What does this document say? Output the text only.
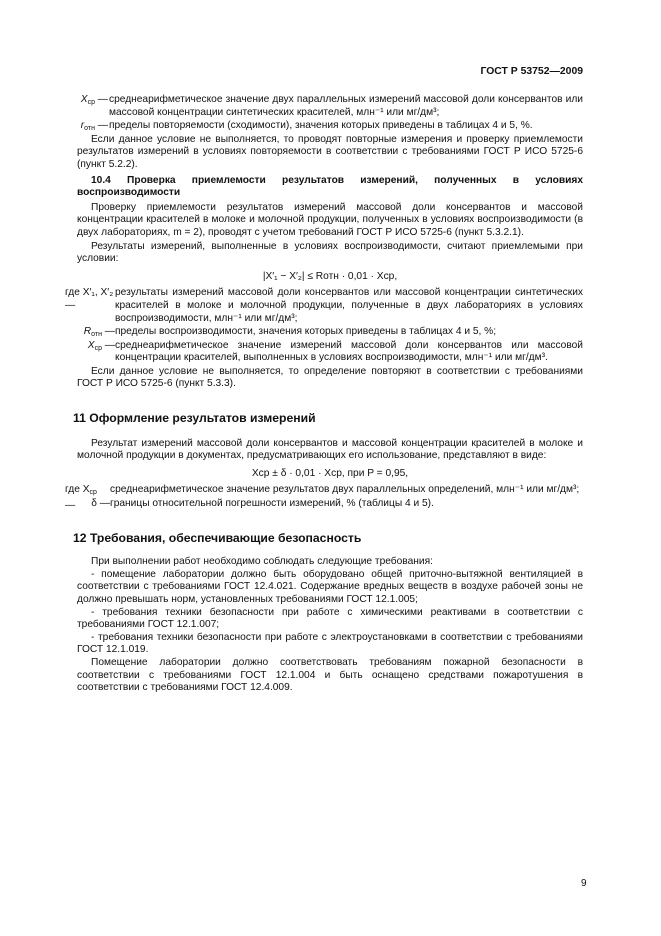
ГОСТ Р 53752—2009
$X_{ср}$ — среднеарифметическое значение двух параллельных измерений массовой доли консервантов или массовой концентрации синтетических красителей, млн⁻¹ или мг/дм³;

$r_{отн}$ — пределы повторяемости (сходимости), значения которых приведены в таблицах 4 и 5, %.

Если данное условие не выполняется, то проводят повторные измерения и проверку приемлемости результатов измерений в условиях повторяемости в соответствии с требованиями ГОСТ Р ИСО 5725-6 (пункт 5.2.2).

10.4 Проверка приемлемости результатов измерений, полученных в условиях воспроизводимости

Проверку приемлемости результатов измерений массовой доли консервантов и массовой концентрации красителей в молоке и молочной продукции, полученных в условиях воспроизводимости (в двух лабораториях, m = 2), проводят с учетом требований ГОСТ Р ИСО 5725-6 (пункт 5.3.2.1).

Результаты измерений, выполненные в условиях воспроизводимости, считают приемлемыми при условии:

|X′₁ − X′₂| ≤ Rотн · 0,01 · Xср,
где X′₁, X′₂—

результаты измерений массовой доли консервантов или массовой концентрации синтетических красителей в молоке и молочной продукции, полученные в двух лабораториях в условиях воспроизводимости, млн⁻¹ или мг/дм³;

$R_{отн}$ — пределы воспроизводимости, значения которых приведены в таблицах 4 и 5, %;

$X_{ср}$ — среднеарифметическое значение измерений массовой доли консервантов или массовой концентрации красителей, выполненных в условиях воспроизводимости, млн⁻¹ или мг/дм³.

Если данное условие не выполняется, то определение повторяют в соответствии с требованиями ГОСТ Р ИСО 5725-6 (пункт 5.3.3).

11 Оформление результатов измерений

Результат измерений массовой доли консервантов и массовой концентрации красителей в молоке и молочной продукции в документах, предусматривающих его использование, представляют в виде:

Xср ± δ · 0,01 · Xср, при P = 0,95,
где $X_{ср}$ —

среднеарифметическое значение результатов двух параллельных определений, млн⁻¹ или мг/дм³;

δ — границы относительной погрешности измерений, % (таблицы 4 и 5).

12 Требования, обеспечивающие безопасность

При выполнении работ необходимо соблюдать следующие требования:

- помещение лаборатории должно быть оборудовано общей приточно-вытяжной вентиляцией в соответствии с требованиями ГОСТ 12.4.021. Содержание вредных веществ в воздухе рабочей зоны не должно превышать норм, установленных требованиями ГОСТ 12.1.005;

- требования техники безопасности при работе с химическими реактивами в соответствии с требованиями ГОСТ 12.1.007;

- требования техники безопасности при работе с электроустановками в соответствии с требованиями ГОСТ 12.1.019.

Помещение лаборатории должно соответствовать требованиям пожарной безопасности в соответствии с требованиями ГОСТ 12.1.004 и быть оснащено средствами пожаротушения в соответствии с требованиями ГОСТ 12.4.009.

9
